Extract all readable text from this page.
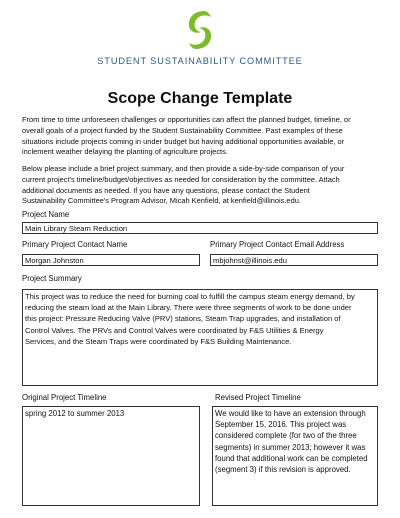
STUDENT SUSTAINABILITY COMMITTEE
Scope Change Template
From time to time unforeseen challenges or opportunities can affect the planned budget, timeline, or
overall goals of a project funded by the Student Sustainability Committee. Past examples of these
situations include projects coming in under budget but having additional opportunities available, or
inclement weather delaying the planting of agriculture projects.
Below please include a brief project summary, and then provide a side-by-side comparison of your
current project's timeline/budget/objectives as needed for consideration by the committee. Attach
additional documents as needed. If you have any questions, please contact the Student
Sustainability Committee's Program Advisor, Micah Kenfield, at kenfield@illinois.edu.
Project Name
Main Library Steam Reduction
Primary Project Contact Name
Morgan Johnston
Primary Project Contact Email Address
mbjohnst@illinois.edu
Project Summary
This project was to reduce the need for burning coal to fulfill the campus steam energy demand, by
reducing the steam load at the Main Library. There were three segments of work to be done under
this project: Pressure Reducing Valve (PRV) stations, Steam Trap upgrades, and installation of
Control Valves. The PRVs and Control Valves were coordinated by F&S Utilities & Energy
Services, and the Steam Traps were coordinated by F&S Building Maintenance.
Original Project Timeline
spring 2012 to summer 2013
Revised Project Timeline
We would like to have an extension through
September 15, 2016. This project was
considered complete (for two of the three
segments) in summer 2013; however it was
found that additional work can be completed
(segment 3) if this revision is approved.
